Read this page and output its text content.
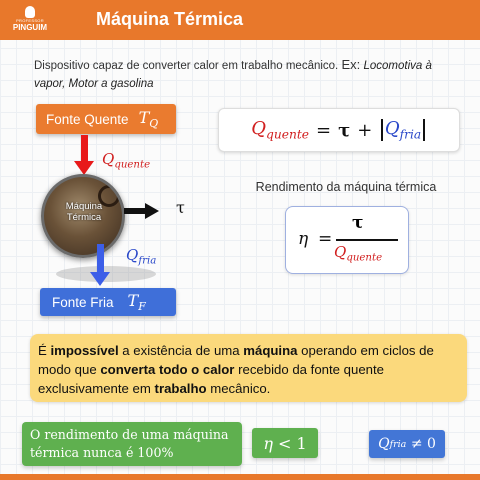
PROFESSOR
PINGUIM	Máquina Térmica
Dispositivo capaz de converter calor em trabalho mecânico. Ex: Locomotiva à vapor, Motor a gasolina
Fonte Quente $T_Q$
$Q_{quente}$
Máquina
Térmica
τ
$Q_{fria}$
Fonte Fria $T_F$
$Q_{quente} = \tau + Q_{fria}$
Rendimento da máquina térmica
η =
τ
$Q_{quente}$
É impossível a existência de uma máquina operando em ciclos de modo que converta todo o calor recebido da fonte quente exclusivamente em trabalho mecânico.
O rendimento de uma máquina térmica nunca é 100%	η
< 1	Q fria
≠ 0
